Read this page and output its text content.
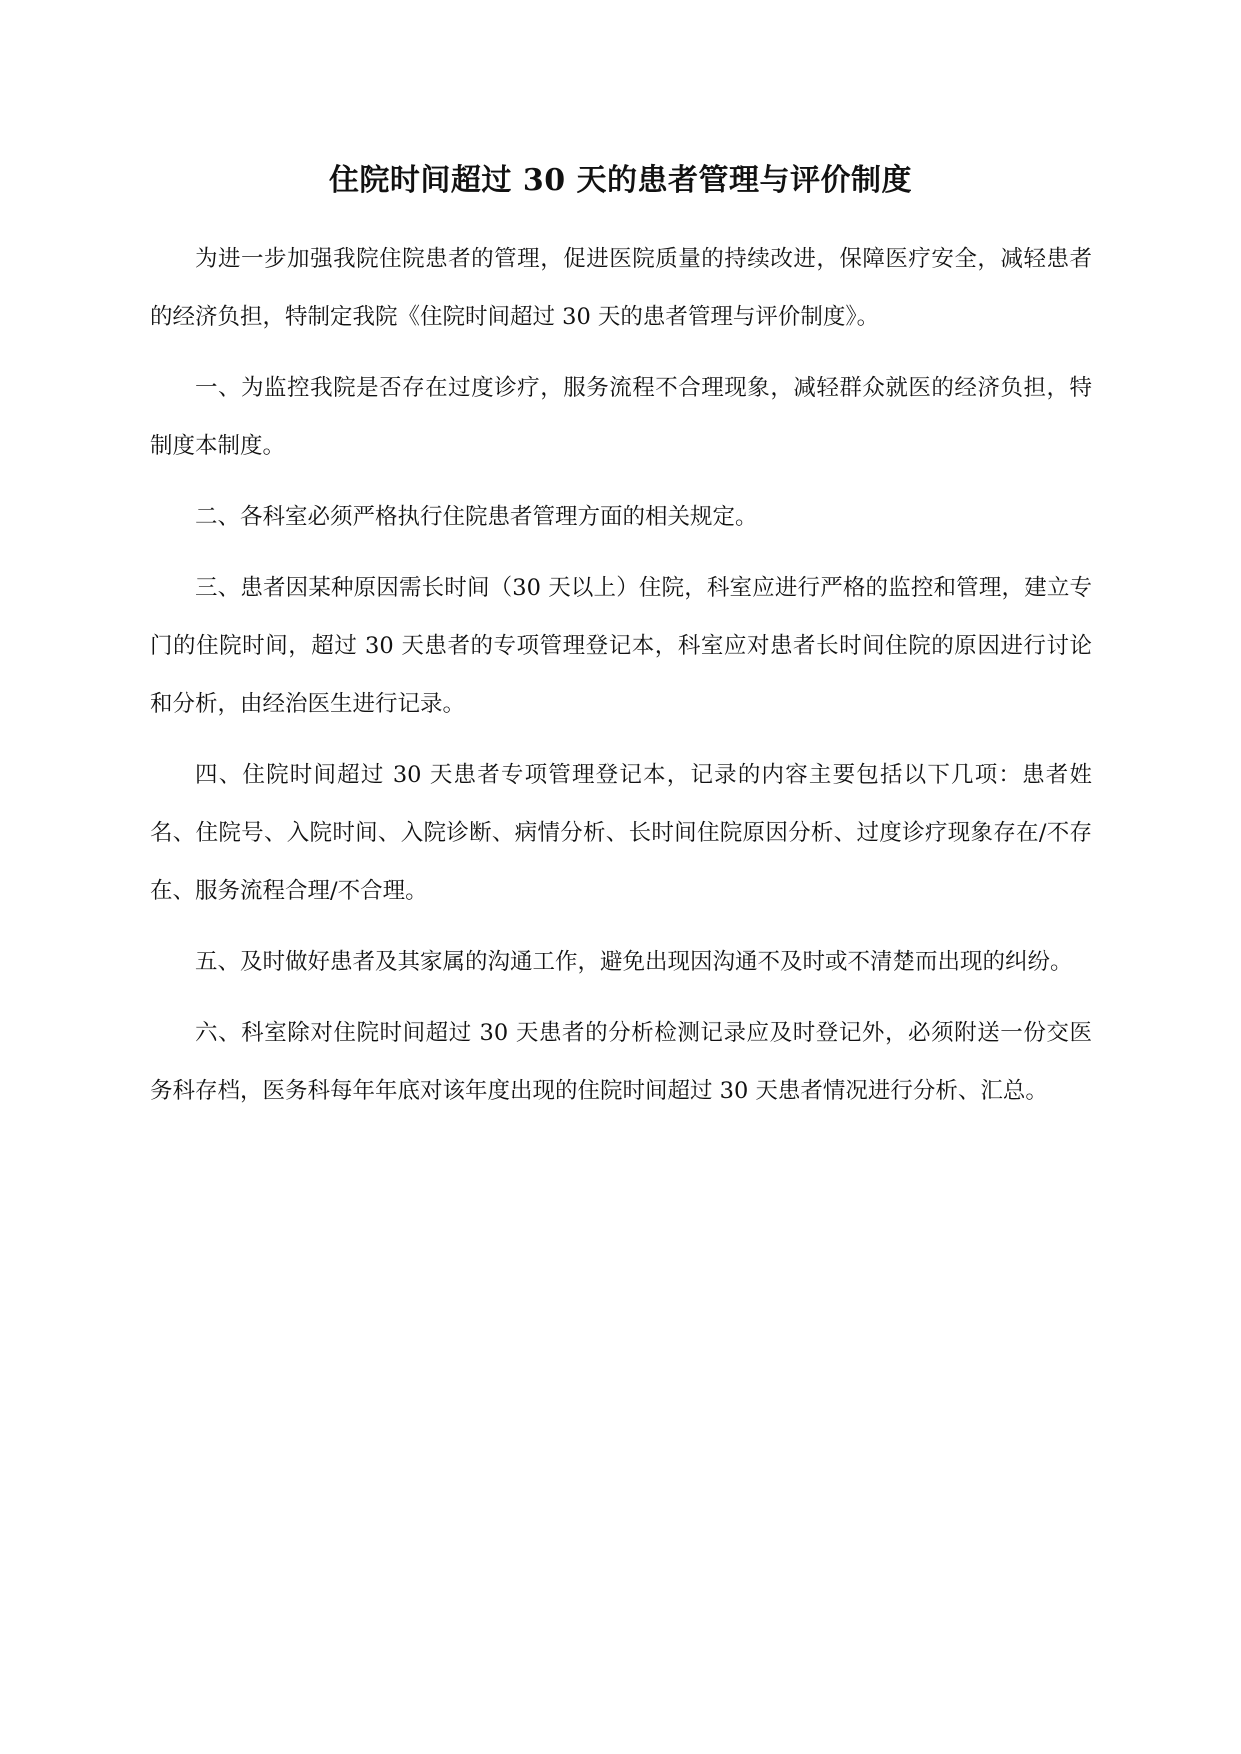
住院时间超过 30 天的患者管理与评价制度

为进一步加强我院住院患者的管理，促进医院质量的持续改进，保障医疗安全，减轻患者的经济负担，特制定我院《住院时间超过 30 天的患者管理与评价制度》。

一、为监控我院是否存在过度诊疗，服务流程不合理现象，减轻群众就医的经济负担，特制度本制度。

二、各科室必须严格执行住院患者管理方面的相关规定。

三、患者因某种原因需长时间（30 天以上）住院，科室应进行严格的监控和管理，建立专门的住院时间，超过 30 天患者的专项管理登记本，科室应对患者长时间住院的原因进行讨论和分析，由经治医生进行记录。

四、住院时间超过 30 天患者专项管理登记本，记录的内容主要包括以下几项：患者姓名、住院号、入院时间、入院诊断、病情分析、长时间住院原因分析、过度诊疗现象存在/不存在、服务流程合理/不合理。

五、及时做好患者及其家属的沟通工作，避免出现因沟通不及时或不清楚而出现的纠纷。

六、科室除对住院时间超过 30 天患者的分析检测记录应及时登记外，必须附送一份交医务科存档，医务科每年年底对该年度出现的住院时间超过 30 天患者情况进行分析、汇总。
